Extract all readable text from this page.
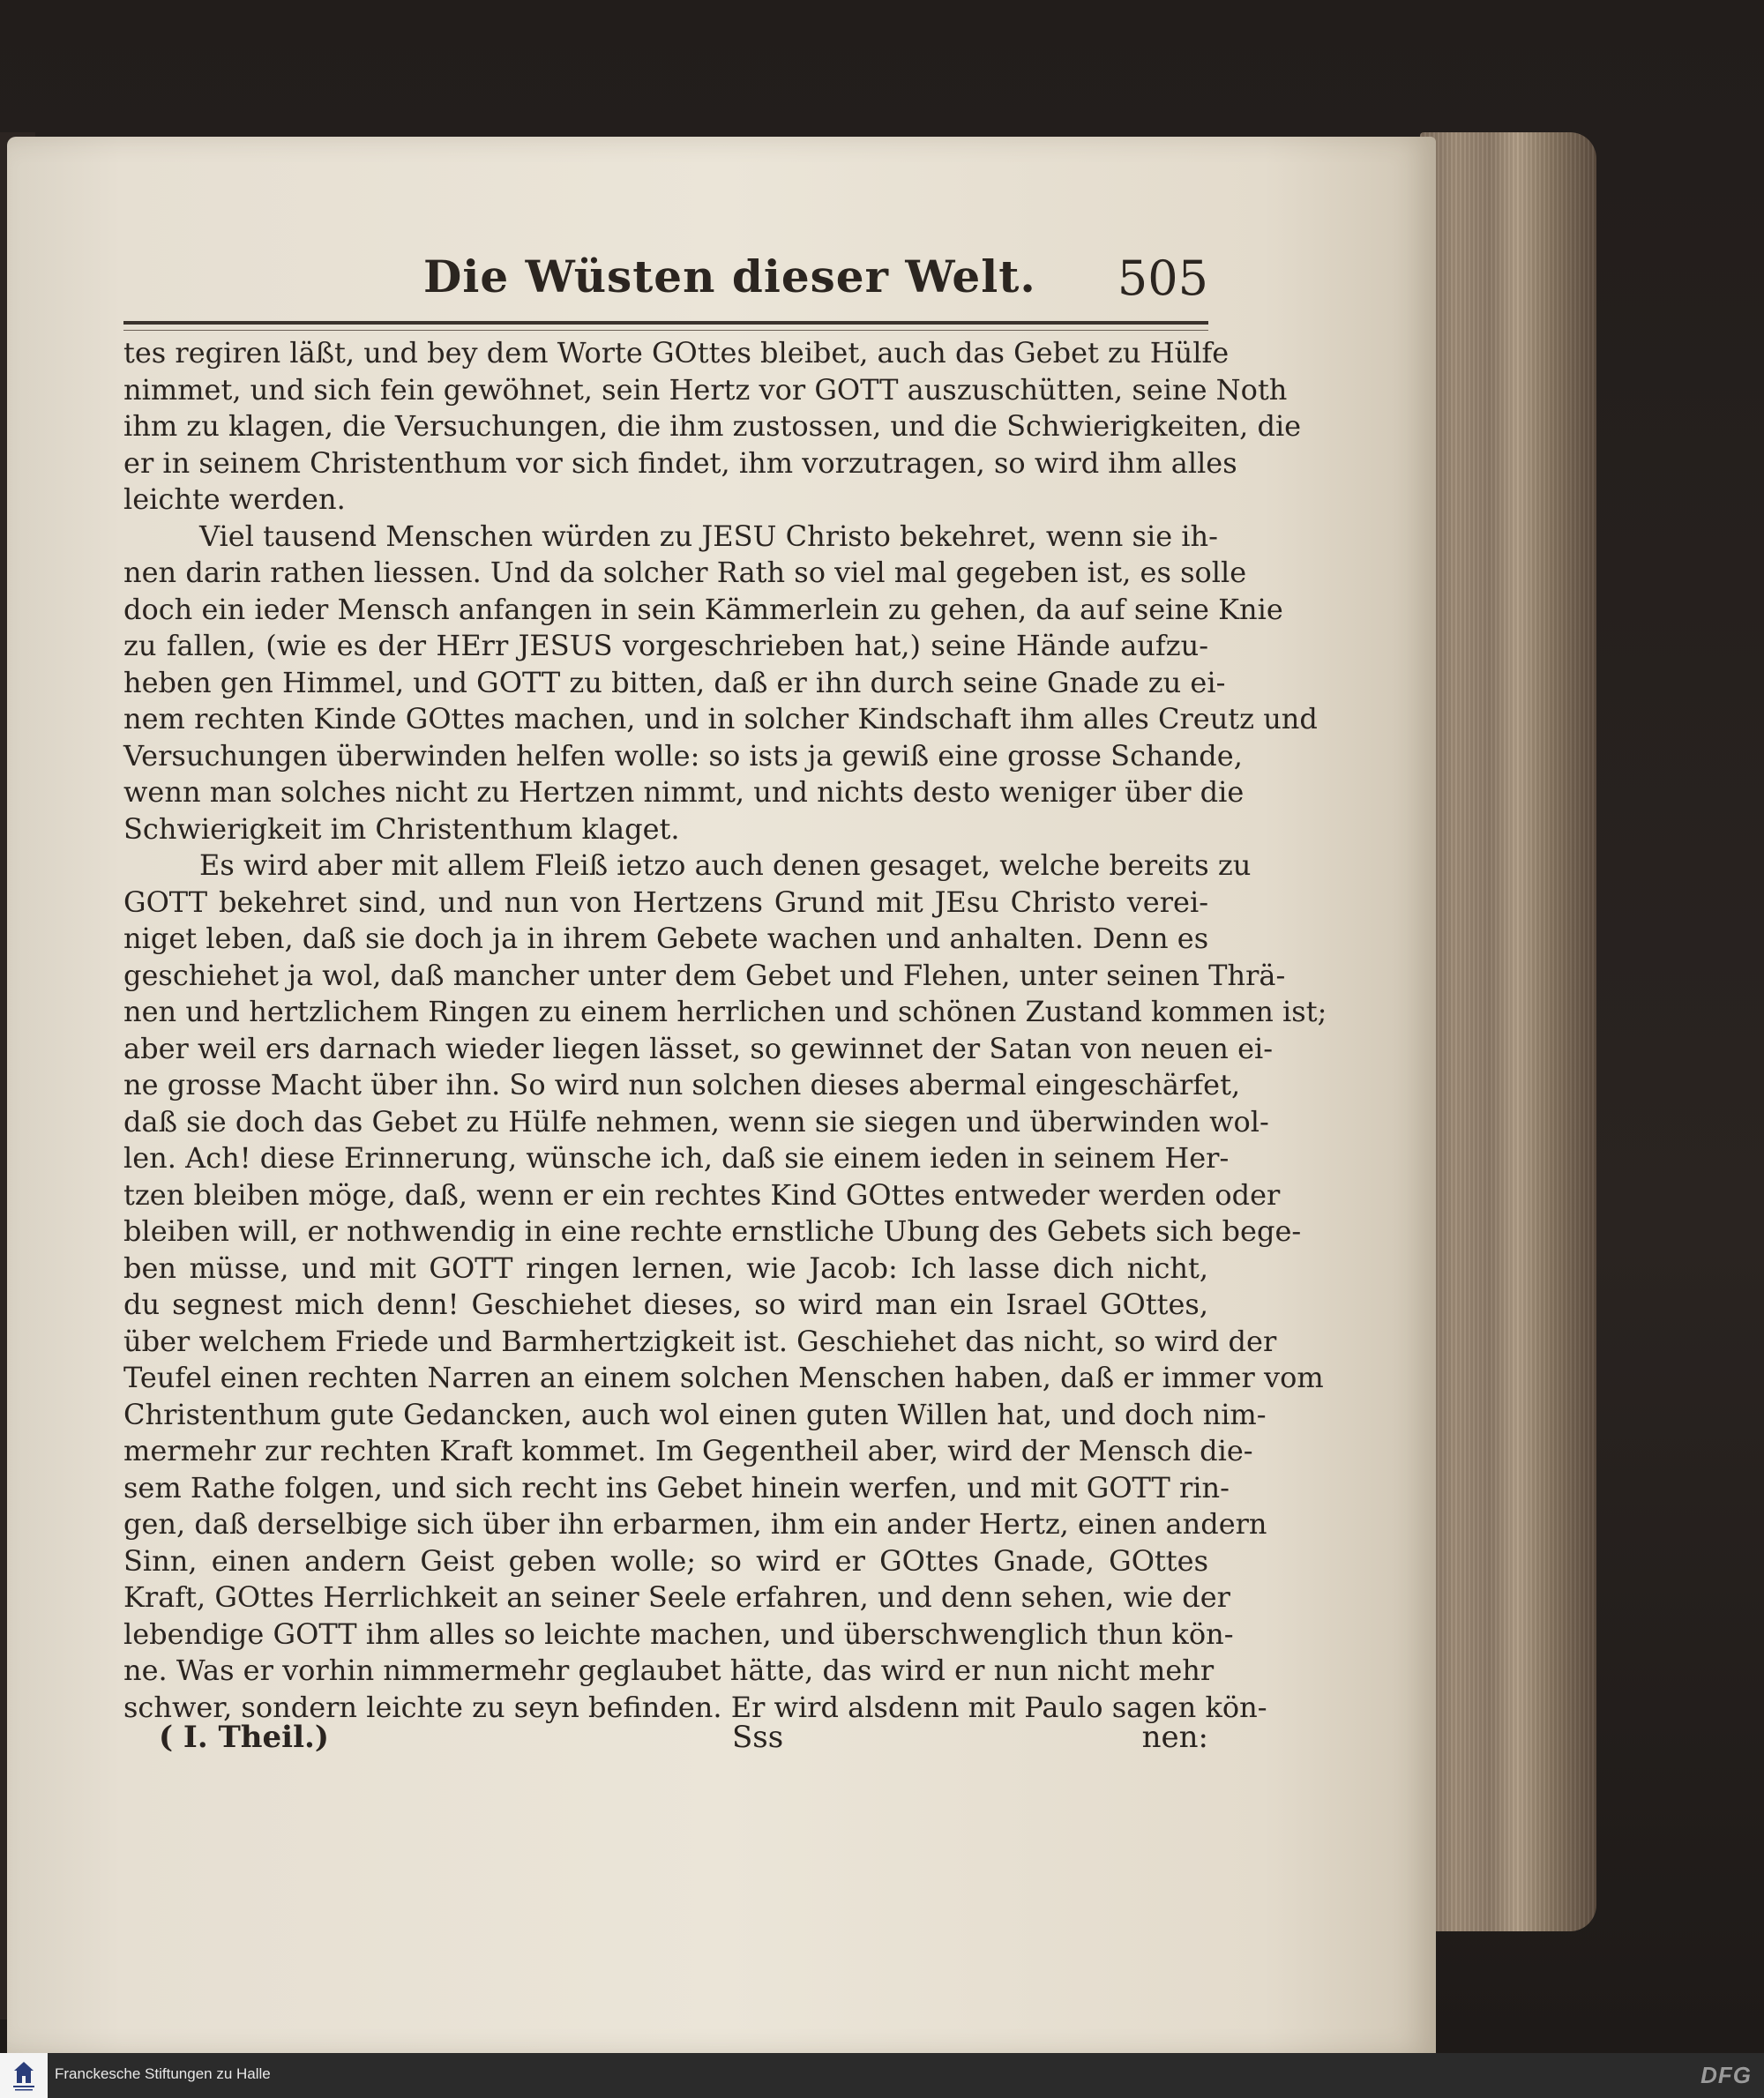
Die Wüsten dieser Welt. 505
tes regiren läßt, und bey dem Worte GOttes bleibet, auch das Gebet zu Hülfe
nimmet, und sich fein gewöhnet, sein Hertz vor GOTT auszuschütten, seine Noth
ihm zu klagen, die Versuchungen, die ihm zustossen, und die Schwierigkeiten, die
er in seinem Christenthum vor sich findet, ihm vorzutragen, so wird ihm alles
leichte werden.
Viel tausend Menschen würden zu JESU Christo bekehret, wenn sie ih-
nen darin rathen liessen. Und da solcher Rath so viel mal gegeben ist, es solle
doch ein ieder Mensch anfangen in sein Kämmerlein zu gehen, da auf seine Knie
zu fallen, (wie es der HErr JESUS vorgeschrieben hat,) seine Hände aufzu-
heben gen Himmel, und GOTT zu bitten, daß er ihn durch seine Gnade zu ei-
nem rechten Kinde GOttes machen, und in solcher Kindschaft ihm alles Creutz und
Versuchungen überwinden helfen wolle: so ists ja gewiß eine grosse Schande,
wenn man solches nicht zu Hertzen nimmt, und nichts desto weniger über die
Schwierigkeit im Christenthum klaget.
Es wird aber mit allem Fleiß ietzo auch denen gesaget, welche bereits zu
GOTT bekehret sind, und nun von Hertzens Grund mit JEsu Christo verei-
niget leben, daß sie doch ja in ihrem Gebete wachen und anhalten. Denn es
geschiehet ja wol, daß mancher unter dem Gebet und Flehen, unter seinen Thrä-
nen und hertzlichem Ringen zu einem herrlichen und schönen Zustand kommen ist;
aber weil ers darnach wieder liegen lässet, so gewinnet der Satan von neuen ei-
ne grosse Macht über ihn. So wird nun solchen dieses abermal eingeschärfet,
daß sie doch das Gebet zu Hülfe nehmen, wenn sie siegen und überwinden wol-
len. Ach! diese Erinnerung, wünsche ich, daß sie einem ieden in seinem Her-
tzen bleiben möge, daß, wenn er ein rechtes Kind GOttes entweder werden oder
bleiben will, er nothwendig in eine rechte ernstliche Ubung des Gebets sich bege-
ben müsse, und mit GOTT ringen lernen, wie Jacob: Ich lasse dich nicht,
du segnest mich denn! Geschiehet dieses, so wird man ein Israel GOttes,
über welchem Friede und Barmhertzigkeit ist. Geschiehet das nicht, so wird der
Teufel einen rechten Narren an einem solchen Menschen haben, daß er immer vom
Christenthum gute Gedancken, auch wol einen guten Willen hat, und doch nim-
mermehr zur rechten Kraft kommet. Im Gegentheil aber, wird der Mensch die-
sem Rathe folgen, und sich recht ins Gebet hinein werfen, und mit GOTT rin-
gen, daß derselbige sich über ihn erbarmen, ihm ein ander Hertz, einen andern
Sinn, einen andern Geist geben wolle; so wird er GOttes Gnade, GOttes
Kraft, GOttes Herrlichkeit an seiner Seele erfahren, und denn sehen, wie der
lebendige GOTT ihm alles so leichte machen, und überschwenglich thun kön-
ne. Was er vorhin nimmermehr geglaubet hätte, das wird er nun nicht mehr
schwer, sondern leichte zu seyn befinden. Er wird alsdenn mit Paulo sagen kön-
( I. Theil.)	Sss	nen:
Franckesche Stiftungen zu Halle	DFG
